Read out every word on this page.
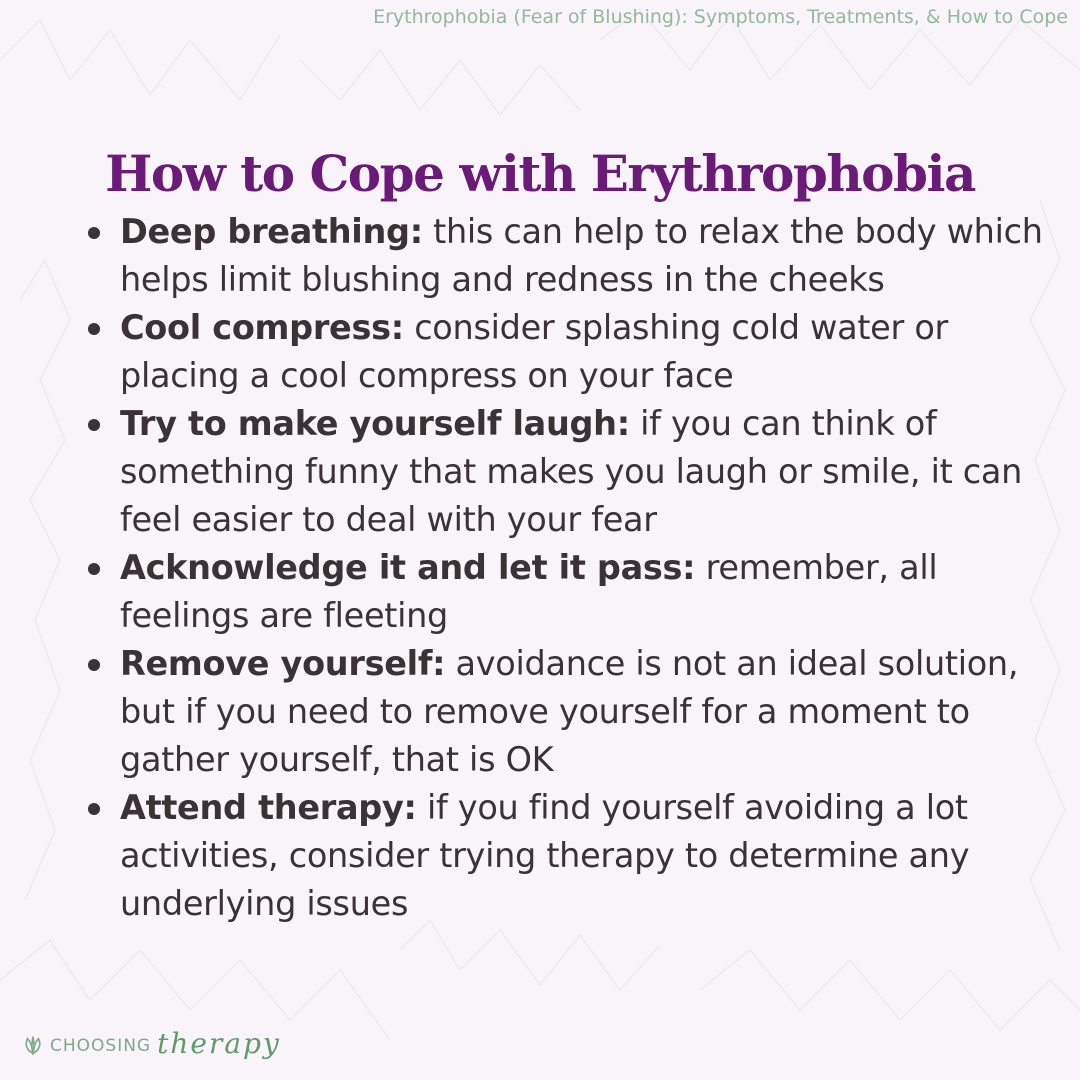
Erythrophobia (Fear of Blushing): Symptoms, Treatments, & How to Cope
How to Cope with Erythrophobia
Deep breathing: this can help to relax the body which helps limit blushing and redness in the cheeks
Cool compress: consider splashing cold water or placing a cool compress on your face
Try to make yourself laugh: if you can think of something funny that makes you laugh or smile, it can feel easier to deal with your fear
Acknowledge it and let it pass: remember, all feelings are fleeting
Remove yourself: avoidance is not an ideal solution, but if you need to remove yourself for a moment to gather yourself, that is OK
Attend therapy: if you find yourself avoiding a lot activities, consider trying therapy to determine any underlying issues
CHOOSING therapy
